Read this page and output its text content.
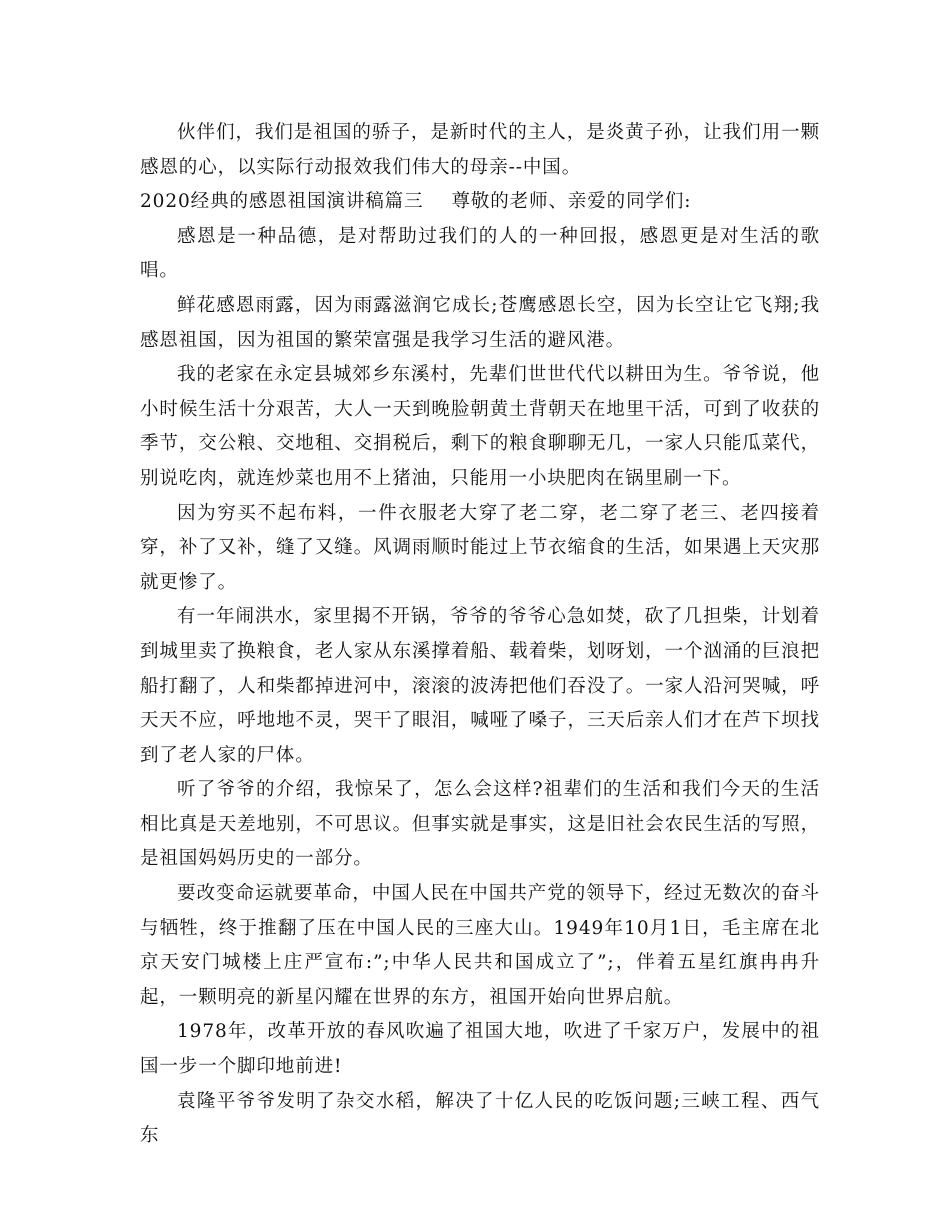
伙伴们，我们是祖国的骄子，是新时代的主人，是炎黄子孙，让我们用一颗感恩的心，以实际行动报效我们伟大的母亲--中国。

2020经典的感恩祖国演讲稿篇三 尊敬的老师、亲爱的同学们:

感恩是一种品德，是对帮助过我们的人的一种回报，感恩更是对生活的歌唱。

鲜花感恩雨露，因为雨露滋润它成长;苍鹰感恩长空，因为长空让它飞翔;我感恩祖国，因为祖国的繁荣富强是我学习生活的避风港。

我的老家在永定县城郊乡东溪村，先辈们世世代代以耕田为生。爷爷说，他小时候生活十分艰苦，大人一天到晚脸朝黄土背朝天在地里干活，可到了收获的季节，交公粮、交地租、交捐税后，剩下的粮食聊聊无几，一家人只能瓜菜代，别说吃肉，就连炒菜也用不上猪油，只能用一小块肥肉在锅里刷一下。

因为穷买不起布料，一件衣服老大穿了老二穿，老二穿了老三、老四接着穿，补了又补，缝了又缝。风调雨顺时能过上节衣缩食的生活，如果遇上天灾那就更惨了。

有一年闹洪水，家里揭不开锅，爷爷的爷爷心急如焚，砍了几担柴，计划着到城里卖了换粮食，老人家从东溪撑着船、载着柴，划呀划，一个汹涌的巨浪把船打翻了，人和柴都掉进河中，滚滚的波涛把他们吞没了。一家人沿河哭喊，呼天天不应，呼地地不灵，哭干了眼泪，喊哑了嗓子，三天后亲人们才在芦下坝找到了老人家的尸体。

听了爷爷的介绍，我惊呆了，怎么会这样?祖辈们的生活和我们今天的生活相比真是天差地别，不可思议。但事实就是事实，这是旧社会农民生活的写照，是祖国妈妈历史的一部分。

要改变命运就要革命，中国人民在中国共产党的领导下，经过无数次的奋斗与牺牲，终于推翻了压在中国人民的三座大山。1949年10月1日，毛主席在北京天安门城楼上庄严宣布:”;中华人民共和国成立了”;，伴着五星红旗冉冉升起，一颗明亮的新星闪耀在世界的东方，祖国开始向世界启航。

1978年，改革开放的春风吹遍了祖国大地，吹进了千家万户，发展中的祖国一步一个脚印地前进!

袁隆平爷爷发明了杂交水稻，解决了十亿人民的吃饭问题;三峡工程、西气东
